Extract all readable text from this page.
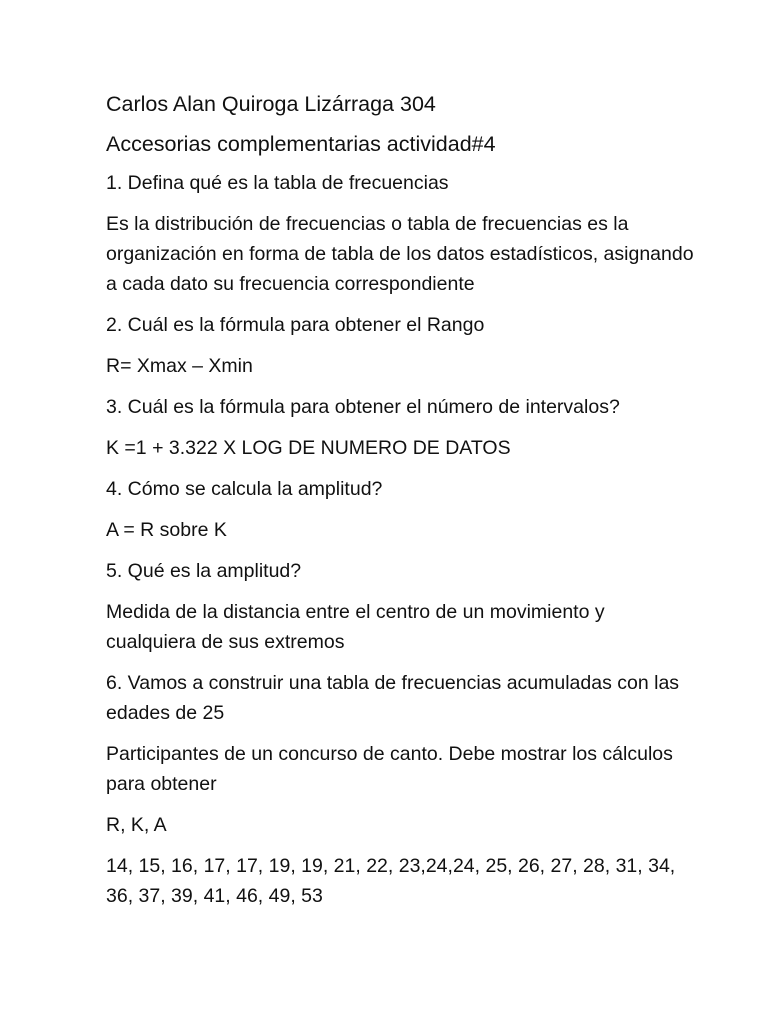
Carlos Alan Quiroga Lizárraga 304

Accesorias complementarias actividad#4

1. Defina qué es la tabla de frecuencias

Es la distribución de frecuencias o tabla de frecuencias es la organización en forma de tabla de los datos estadísticos, asignando a cada dato su frecuencia correspondiente

2. Cuál es la fórmula para obtener el Rango

R= Xmax – Xmin

3. Cuál es la fórmula para obtener el número de intervalos?

K =1 + 3.322 X LOG DE NUMERO DE DATOS

4. Cómo se calcula la amplitud?

A = R sobre K

5. Qué es la amplitud?

Medida de la distancia entre el centro de un movimiento y cualquiera de sus extremos

6. Vamos a construir una tabla de frecuencias acumuladas con las edades de 25

Participantes de un concurso de canto. Debe mostrar los cálculos para obtener

R, K, A

14, 15, 16, 17, 17, 19, 19, 21, 22, 23,24,24, 25, 26, 27, 28, 31, 34, 36, 37, 39, 41, 46, 49, 53
